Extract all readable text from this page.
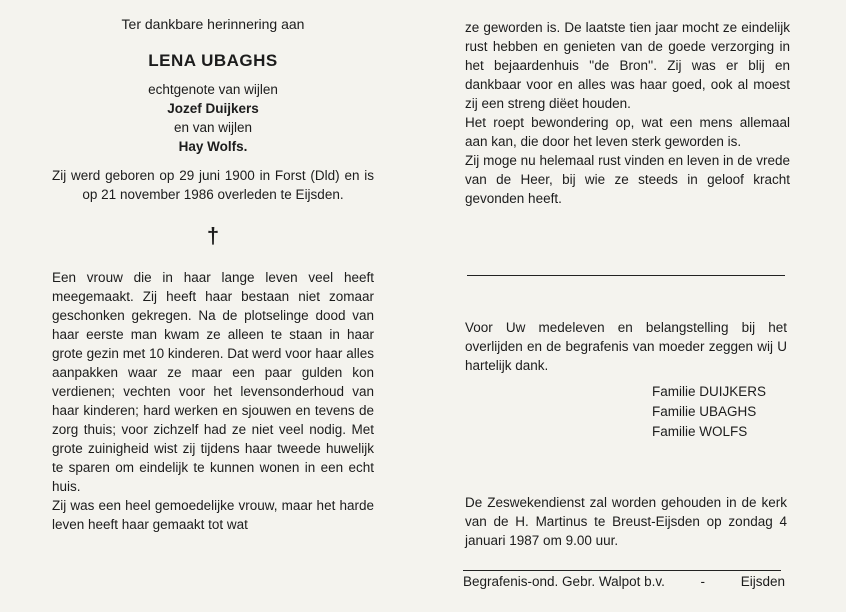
Ter dankbare herinnering aan

LENA UBAGHS

echtgenote van wijlen

Jozef Duijkers

en van wijlen

Hay Wolfs.

Zij werd geboren op 29 juni 1900 in Forst (Dld) en is op 21 november 1986 overleden te Eijsden.

†

Een vrouw die in haar lange leven veel heeft meegemaakt. Zij heeft haar bestaan niet zomaar geschonken gekregen. Na de plotselinge dood van haar eerste man kwam ze alleen te staan in haar grote gezin met 10 kinderen. Dat werd voor haar alles aanpakken waar ze maar een paar gulden kon verdienen; vechten voor het levensonderhoud van haar kinderen; hard werken en sjouwen en tevens de zorg thuis; voor zichzelf had ze niet veel nodig. Met grote zuinigheid wist zij tijdens haar tweede huwelijk te sparen om eindelijk te kunnen wonen in een echt huis.

Zij was een heel gemoedelijke vrouw, maar het harde leven heeft haar gemaakt tot wat

ze geworden is. De laatste tien jaar mocht ze eindelijk rust hebben en genieten van de goede verzorging in het bejaardenhuis ''de Bron''. Zij was er blij en dankbaar voor en alles was haar goed, ook al moest zij een streng diëet houden.

Het roept bewondering op, wat een mens allemaal aan kan, die door het leven sterk geworden is.

Zij moge nu helemaal rust vinden en leven in de vrede van de Heer, bij wie ze steeds in geloof kracht gevonden heeft.

Voor Uw medeleven en belangstelling bij het overlijden en de begrafenis van moeder zeggen wij U hartelijk dank.

Familie DUIJKERS

Familie UBAGHS

Familie WOLFS

De Zeswekendienst zal worden gehouden in de kerk van de H. Martinus te Breust-Eijsden op zondag 4 januari 1987 om 9.00 uur.

Begrafenis-ond. Gebr. Walpot b.v.	-	Eijsden
